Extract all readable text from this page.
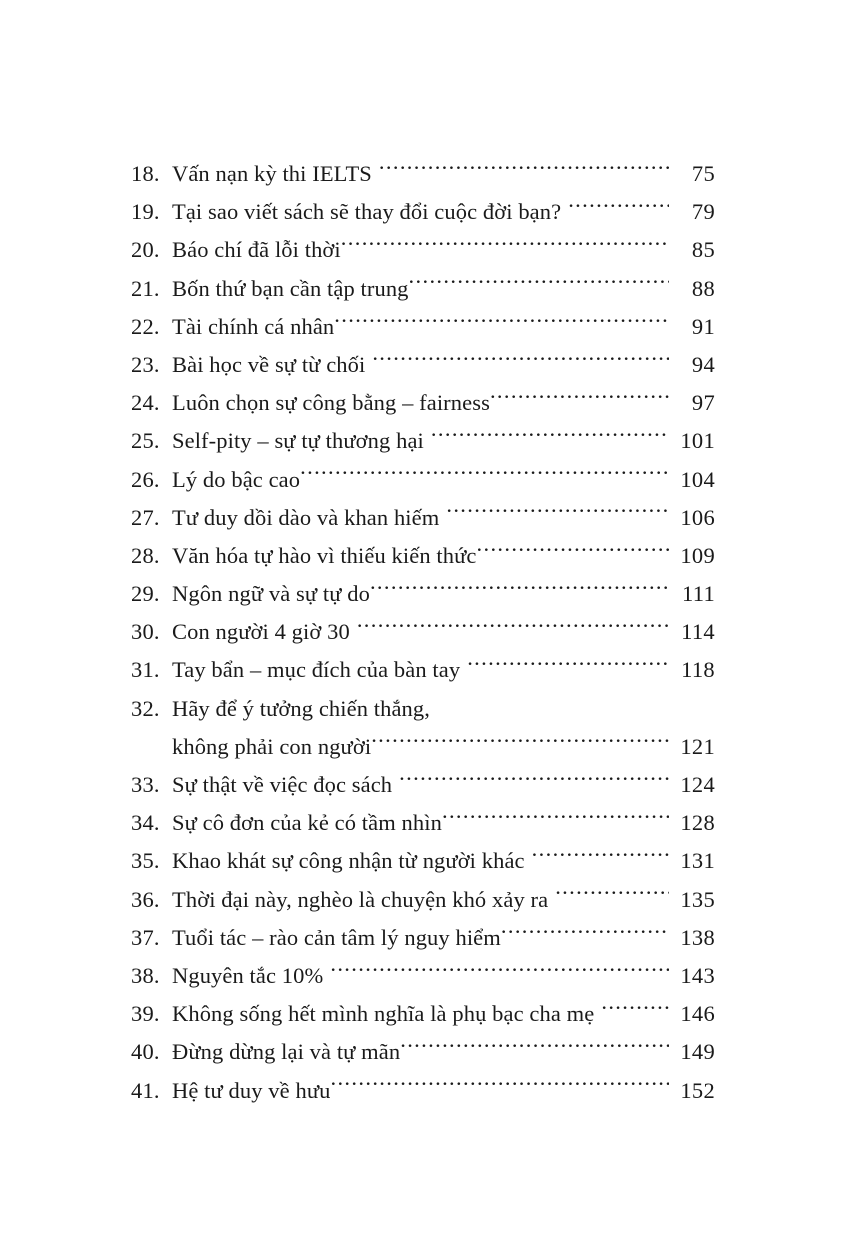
18. Vấn nạn kỳ thi IELTS .....	75
19. Tại sao viết sách sẽ thay đổi cuộc đời bạn? .....	79
20. Báo chí đã lỗi thời .....	85
21. Bốn thứ bạn cần tập trung .....	88
22. Tài chính cá nhân .....	91
23. Bài học về sự từ chối .....	94
24. Luôn chọn sự công bằng – fairness .....	97
25. Self-pity – sự tự thương hại .....	101
26. Lý do bậc cao .....	104
27. Tư duy dồi dào và khan hiếm .....	106
28. Văn hóa tự hào vì thiếu kiến thức .....	109
29. Ngôn ngữ và sự tự do .....	111
30. Con người 4 giờ 30 .....	114
31. Tay bẩn – mục đích của bàn tay .....	118
32. Hãy để ý tưởng chiến thắng,
không phải con người .....	121
33. Sự thật về việc đọc sách .....	124
34. Sự cô đơn của kẻ có tầm nhìn .....	128
35. Khao khát sự công nhận từ người khác .....	131
36. Thời đại này, nghèo là chuyện khó xảy ra .....	135
37. Tuổi tác – rào cản tâm lý nguy hiểm .....	138
38. Nguyên tắc 10% .....	143
39. Không sống hết mình nghĩa là phụ bạc cha mẹ .....	146
40. Đừng dừng lại và tự mãn .....	149
41. Hệ tư duy về hưu .....	152
